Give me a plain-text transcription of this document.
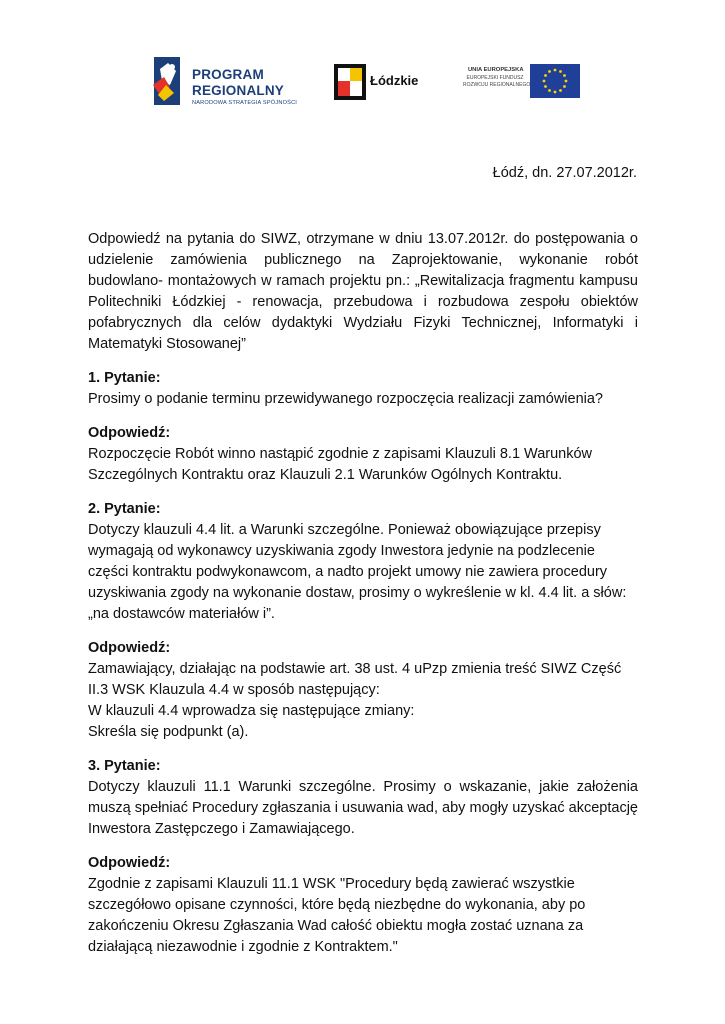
PROGRAM
REGIONALNY
NARODOWA STRATEGIA SPÓJNOŚCI
Łódzkie
UNIA EUROPEJSKA
EUROPEJSKI FUNDUSZ
ROZWOJU REGIONALNEGO
Łódź, dn. 27.07.2012r.

Odpowiedź na pytania do SIWZ, otrzymane w dniu 13.07.2012r. do postępowania o udzielenie zamówienia publicznego na Zaprojektowanie, wykonanie robót budowlano- montażowych w ramach projektu pn.: „Rewitalizacja fragmentu kampusu Politechniki Łódzkiej - renowacja, przebudowa i rozbudowa zespołu obiektów pofabrycznych dla celów dydaktyki Wydziału Fizyki Technicznej, Informatyki i Matematyki Stosowanej”

1. Pytanie:

Prosimy o podanie terminu przewidywanego rozpoczęcia realizacji zamówienia?

Odpowiedź:

Rozpoczęcie Robót winno nastąpić zgodnie z zapisami Klauzuli 8.1 Warunków Szczególnych Kontraktu oraz Klauzuli 2.1 Warunków Ogólnych Kontraktu.

2. Pytanie:

Dotyczy klauzuli 4.4 lit. a Warunki szczególne. Ponieważ obowiązujące przepisy wymagają od wykonawcy uzyskiwania zgody Inwestora jedynie na podzlecenie części kontraktu podwykonawcom, a nadto projekt umowy nie zawiera procedury uzyskiwania zgody na wykonanie dostaw, prosimy o wykreślenie w kl. 4.4 lit. a słów: „na dostawców materiałów i”.

Odpowiedź:

Zamawiający, działając na podstawie art. 38 ust. 4 uPzp zmienia treść SIWZ Część II.3 WSK Klauzula 4.4 w sposób następujący:
W klauzuli 4.4 wprowadza się następujące zmiany:
Skreśla się podpunkt (a).

3. Pytanie:

Dotyczy klauzuli 11.1 Warunki szczególne. Prosimy o wskazanie, jakie założenia muszą spełniać Procedury zgłaszania i usuwania wad, aby mogły uzyskać akceptację Inwestora Zastępczego i Zamawiającego.

Odpowiedź:

Zgodnie z zapisami Klauzuli 11.1 WSK "Procedury będą zawierać wszystkie szczegółowo opisane czynności, które będą niezbędne do wykonania, aby po zakończeniu Okresu Zgłaszania Wad całość obiektu mogła zostać uznana za działającą niezawodnie i zgodnie z Kontraktem."
